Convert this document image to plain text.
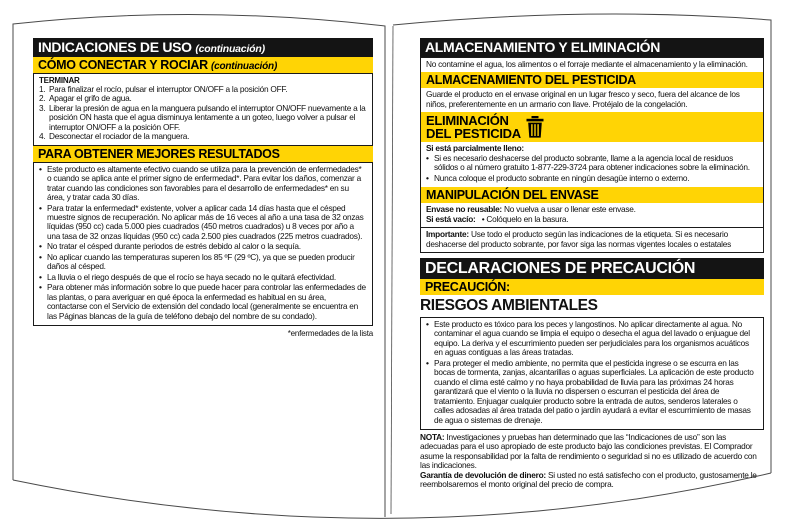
INDICACIONES DE USO (continuación)
CÓMO CONECTAR Y ROCIAR (continuación)

TERMINAR

Para finalizar el rocío, pulsar el interruptor ON/OFF a la posición OFF.
Apagar el grifo de agua.
Liberar la presión de agua en la manguera pulsando el interruptor ON/OFF nuevamente a la posición ON hasta que el agua disminuya lentamente a un goteo, luego volver a pulsar el interruptor ON/OFF a la posición OFF.
Desconectar el rociador de la manguera.
PARA OBTENER MEJORES RESULTADOS
• Este producto es altamente efectivo cuando se utiliza para la prevención de enfermedades* o cuando se aplica ante el primer signo de enfermedad*. Para evitar los daños, comenzar a tratar cuando las condiciones son favorables para el desarrollo de enfermedades* en su área, y tratar cada 30 días.
• Para tratar la enfermedad* existente, volver a aplicar cada 14 días hasta que el césped muestre signos de recuperación. No aplicar más de 16 veces al año a una tasa de 32 onzas líquidas (950 cc) cada 5.000 pies cuadrados (450 metros cuadrados) u 8 veces por año a una tasa de 32 onzas líquidas (950 cc) cada 2.500 pies cuadrados (225 metros cuadrados).
• No tratar el césped durante periodos de estrés debido al calor o la sequía.
• No aplicar cuando las temperaturas superen los 85 ºF (29 ºC), ya que se pueden producir daños al césped.
• La lluvia o el riego después de que el rocío se haya secado no le quitará efectividad.
• Para obtener más información sobre lo que puede hacer para controlar las enfermedades de las plantas, o para averiguar en qué época la enfermedad es habitual en su área, contactarse con el Servicio de extensión del condado local (generalmente se encuentra en las Páginas blancas de la guía de teléfono debajo del nombre de su condado).
*enfermedades de la lista
ALMACENAMIENTO Y ELIMINACIÓN

No contamine el agua, los alimentos o el forraje mediante el almacenamiento y la eliminación.

ALMACENAMIENTO DEL PESTICIDA

Guarde el producto en el envase original en un lugar fresco y seco, fuera del alcance de los niños, preferentemente en un armario con llave. Protéjalo de la congelación.

ELIMINACIÓN
DEL PESTICIDA

Si está parcialmente lleno:

• Si es necesario deshacerse del producto sobrante, llame a la agencia local de residuos sólidos o al número gratuito 1-877-229-3724 para obtener indicaciones sobre la eliminación.
• Nunca coloque el producto sobrante en ningún desagüe interno o externo.
MANIPULACIÓN DEL ENVASE

Envase no reusable: No vuelva a usar o llenar este envase.

Si está vacío: • Colóquelo en la basura.

Importante: Use todo el producto según las indicaciones de la etiqueta. Si es necesario deshacerse del producto sobrante, por favor siga las normas vigentes locales o estatales

DECLARACIONES DE PRECAUCIÓN
PRECAUCIÓN:
RIESGOS AMBIENTALES
• Este producto es tóxico para los peces y langostinos. No aplicar directamente al agua. No contaminar el agua cuando se limpia el equipo o desecha el agua del lavado o enjuague del equipo. La deriva y el escurrimiento pueden ser perjudiciales para los organismos acuáticos en aguas contiguas a las áreas tratadas.
• Para proteger el medio ambiente, no permita que el pesticida ingrese o se escurra en las bocas de tormenta, zanjas, alcantarillas o aguas superficiales. La aplicación de este producto cuando el clima esté calmo y no haya probabilidad de lluvia para las próximas 24 horas garantizará que el viento o la lluvia no dispersen o escurran el pesticida del área de tratamiento. Enjuagar cualquier producto sobre la entrada de autos, senderos laterales o calles adosadas al área tratada del patio o jardín ayudará a evitar el escurrimiento de masas de agua o sistemas de drenaje.

NOTA: Investigaciones y pruebas han determinado que las “Indicaciones de uso” son las adecuadas para el uso apropiado de este producto bajo las condiciones previstas. El Comprador asume la responsabilidad por la falta de rendimiento o seguridad si no es utilizado de acuerdo con las indicaciones.

Garantía de devolución de dinero: Si usted no está satisfecho con el producto, gustosamente le reembolsaremos el monto original del precio de compra.
